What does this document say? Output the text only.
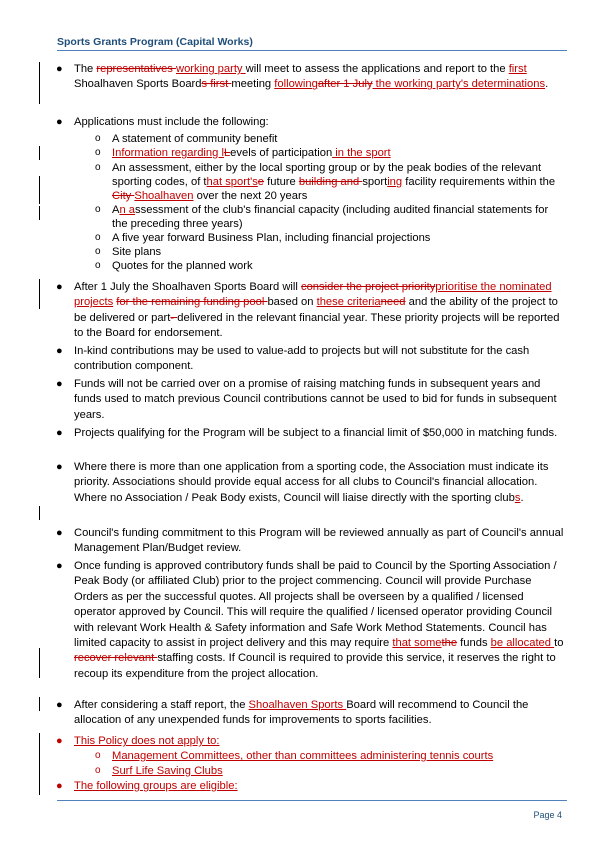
Sports Grants Program (Capital Works)
● The representatives working party will meet to assess the applications and report to the first Shoalhaven Sports Boards first meeting followingafter 1 July the working party's determinations.
● Applications must include the following:
o A statement of community benefit
o Information regarding lLevels of participation in the sport
o An assessment, either by the local sporting group or by the peak bodies of the relevant sporting codes, of that sport'se future building and sporting facility requirements within the City Shoalhaven over the next 20 years
o An assessment of the club's financial capacity (including audited financial statements for the preceding three years)
o A five year forward Business Plan, including financial projections
o Site plans
o Quotes for the planned work
● After 1 July the Shoalhaven Sports Board will consider the project priorityprioritise the nominated projects for the remaining funding pool based on these criterianeed and the ability of the project to be delivered or part- delivered in the relevant financial year. These priority projects will be reported to the Board for endorsement.
● In-kind contributions may be used to value-add to projects but will not substitute for the cash contribution component.
● Funds will not be carried over on a promise of raising matching funds in subsequent years and funds used to match previous Council contributions cannot be used to bid for funds in subsequent years.
● Projects qualifying for the Program will be subject to a financial limit of $50,000 in matching funds.
● Where there is more than one application from a sporting code, the Association must indicate its priority. Associations should provide equal access for all clubs to Council's financial allocation. Where no Association / Peak Body exists, Council will liaise directly with the sporting clubs.
● Council's funding commitment to this Program will be reviewed annually as part of Council's annual Management Plan/Budget review.
● Once funding is approved contributory funds shall be paid to Council by the Sporting Association / Peak Body (or affiliated Club) prior to the project commencing. Council will provide Purchase Orders as per the successful quotes. All projects shall be overseen by a qualified / licensed operator approved by Council. This will require the qualified / licensed operator providing Council with relevant Work Health & Safety information and Safe Work Method Statements. Council has limited capacity to assist in project delivery and this may require that somethe funds be allocated to recover relevant staffing costs. If Council is required to provide this service, it reserves the right to recoup its expenditure from the project allocation.
● After considering a staff report, the Shoalhaven Sports Board will recommend to Council the allocation of any unexpended funds for improvements to sports facilities.
● This Policy does not apply to:
o Management Committees, other than committees administering tennis courts
o Surf Life Saving Clubs
● The following groups are eligible:
Page 4
